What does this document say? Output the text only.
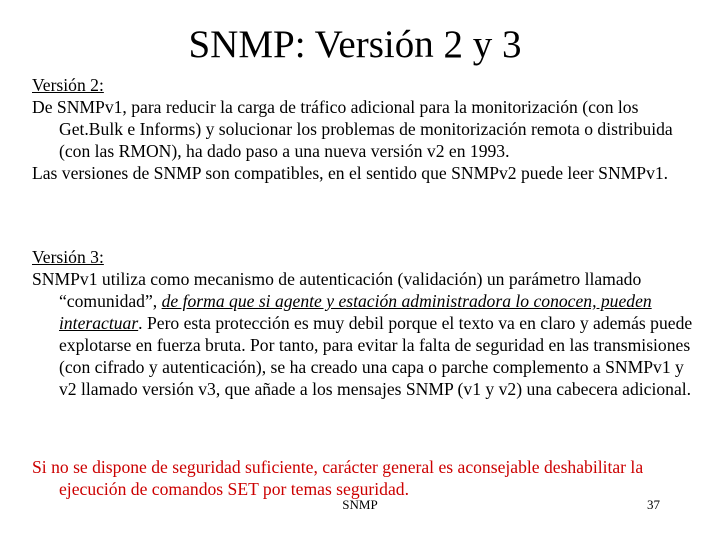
SNMP: Versión 2 y 3
Versión 2:
De SNMPv1, para reducir la carga de tráfico adicional para la monitorización (con los Get.Bulk e Informs) y solucionar los problemas de monitorización remota o distribuida (con las RMON), ha dado paso a una nueva versión v2 en 1993.
Las versiones de SNMP son compatibles, en el sentido que SNMPv2 puede leer SNMPv1.
Versión 3:
SNMPv1 utiliza como mecanismo de autenticación (validación) un parámetro llamado “comunidad”, de forma que si agente y estación administradora lo conocen, pueden interactuar. Pero esta protección es muy debil porque el texto va en claro y además puede explotarse en fuerza bruta. Por tanto, para evitar la falta de seguridad en las transmisiones (con cifrado y autenticación), se ha creado una capa o parche complemento a SNMPv1 y v2 llamado versión v3, que añade a los mensajes SNMP (v1 y v2) una cabecera adicional.
Si no se dispone de seguridad suficiente, carácter general es aconsejable deshabilitar la ejecución de comandos SET por temas seguridad.
SNMP	37
